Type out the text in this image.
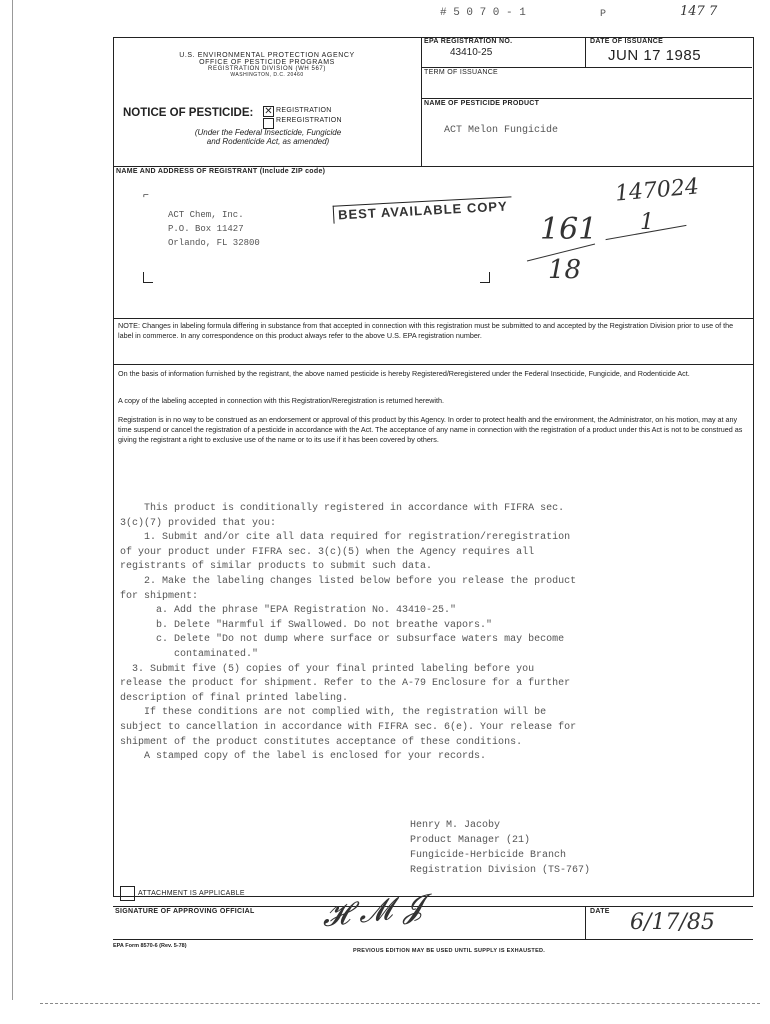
# 5 0 7 0 - 1	P	147 7
U.S. ENVIRONMENTAL PROTECTION AGENCY
OFFICE OF PESTICIDE PROGRAMS
REGISTRATION DIVISION (WH 567)
WASHINGTON, D.C. 20460
NOTICE OF PESTICIDE: ✕ REGISTRATION
REREGISTRATION
(Under the Federal Insecticide, Fungicide
and Rodenticide Act, as amended)
EPA REGISTRATION NO.
43410-25
DATE OF ISSUANCE
JUN 17 1985
TERM OF ISSUANCE
NAME OF PESTICIDE PRODUCT
ACT Melon Fungicide
NAME AND ADDRESS OF REGISTRANT (Include ZIP code)
⌐
ACT Chem, Inc.
P.O. Box 11427
Orlando, FL 32800
BEST AVAILABLE COPY
161
18
147024
1
NOTE: Changes in labeling formula differing in substance from that accepted in connection with this registration must be submitted to and accepted by the Registration Division prior to use of the label in commerce. In any correspondence on this product always refer to the above U.S. EPA registration number.
On the basis of information furnished by the registrant, the above named pesticide is hereby Registered/Reregistered under the Federal Insecticide, Fungicide, and Rodenticide Act.
A copy of the labeling accepted in connection with this Registration/Reregistration is returned herewith.
Registration is in no way to be construed as an endorsement or approval of this product by this Agency. In order to protect health and the environment, the Administrator, on his motion, may at any time suspend or cancel the registration of a pesticide in accordance with the Act. The acceptance of any name in connection with the registration of a product under this Act is not to be construed as giving the registrant a right to exclusive use of the name or to its use if it has been covered by others.
This product is conditionally registered in accordance with FIFRA sec.
3(c)(7) provided that you:
1. Submit and/or cite all data required for registration/reregistration
of your product under FIFRA sec. 3(c)(5) when the Agency requires all
registrants of similar products to submit such data.
2. Make the labeling changes listed below before you release the product
for shipment:
a. Add the phrase "EPA Registration No. 43410-25."
b. Delete "Harmful if Swallowed. Do not breathe vapors."
c. Delete "Do not dump where surface or subsurface waters may become
contaminated."
3. Submit five (5) copies of your final printed labeling before you
release the product for shipment. Refer to the A-79 Enclosure for a further
description of final printed labeling.
If these conditions are not complied with, the registration will be
subject to cancellation in accordance with FIFRA sec. 6(e). Your release for
shipment of the product constitutes acceptance of these conditions.
A stamped copy of the label is enclosed for your records.
Henry M. Jacoby
Product Manager (21)
Fungicide-Herbicide Branch
Registration Division (TS-767)
ATTACHMENT IS APPLICABLE
SIGNATURE OF APPROVING OFFICIAL 𝓗 𝓜 𝓙	DATE 6/17/85
EPA Form 8570-6 (Rev. 5-78)
PREVIOUS EDITION MAY BE USED UNTIL SUPPLY IS EXHAUSTED.
